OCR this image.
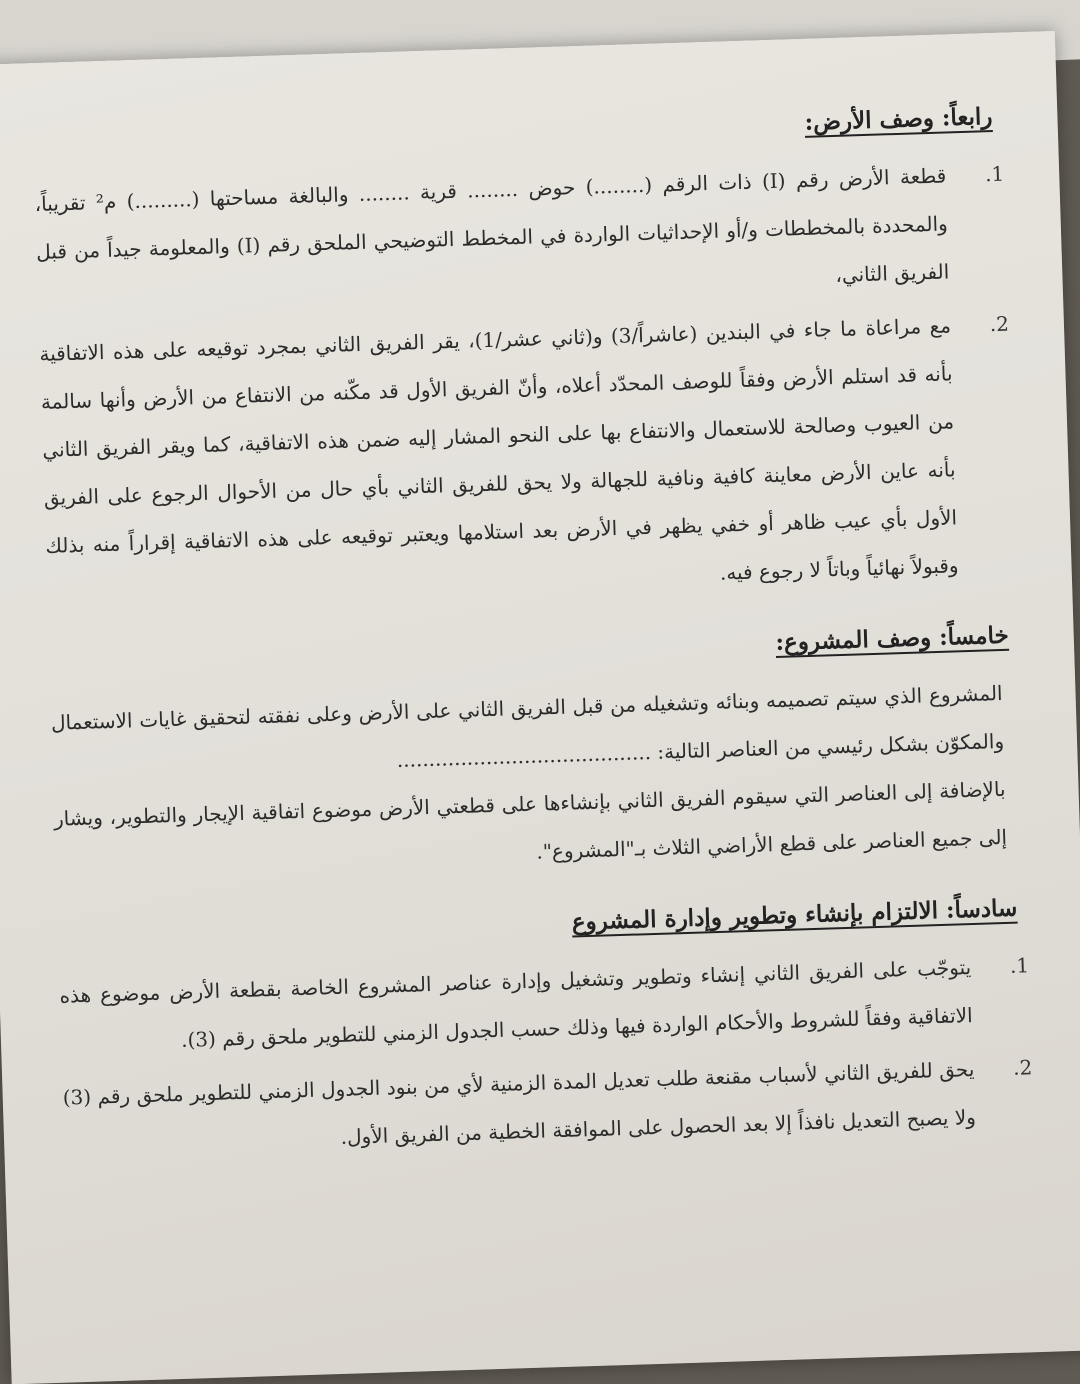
رابعاً: وصف الأرض:
.1

قطعة الأرض رقم (I) ذات الرقم (........) حوض ........ قرية ........ والبالغة مساحتها (.........) م² تقريباً، والمحددة بالمخططات و/أو الإحداثيات الواردة في المخطط التوضيحي الملحق رقم (I) والمعلومة جيداً من قبل الفريق الثاني،

.2

مع مراعاة ما جاء في البندين (عاشراً/3) و(ثاني عشر/1)، يقر الفريق الثاني بمجرد توقيعه على هذه الاتفاقية بأنه قد استلم الأرض وفقاً للوصف المحدّد أعلاه، وأنّ الفريق الأول قد مكّنه من الانتفاع من الأرض وأنها سالمة من العيوب وصالحة للاستعمال والانتفاع بها على النحو المشار إليه ضمن هذه الاتفاقية، كما ويقر الفريق الثاني بأنه عاين الأرض معاينة كافية ونافية للجهالة ولا يحق للفريق الثاني بأي حال من الأحوال الرجوع على الفريق الأول بأي عيب ظاهر أو خفي يظهر في الأرض بعد استلامها ويعتبر توقيعه على هذه الاتفاقية إقراراً منه بذلك وقبولاً نهائياً وباتاً لا رجوع فيه.

خامساً: وصف المشروع:

المشروع الذي سيتم تصميمه وبنائه وتشغيله من قبل الفريق الثاني على الأرض وعلى نفقته لتحقيق غايات الاستعمال والمكوّن بشكل رئيسي من العناصر التالية: ........................................

بالإضافة إلى العناصر التي سيقوم الفريق الثاني بإنشاءها على قطعتي الأرض موضوع اتفاقية الإيجار والتطوير، ويشار إلى جميع العناصر على قطع الأراضي الثلاث بـ"المشروع".

سادساً: الالتزام بإنشاء وتطوير وإدارة المشروع
.1

يتوجّب على الفريق الثاني إنشاء وتطوير وتشغيل وإدارة عناصر المشروع الخاصة بقطعة الأرض موضوع هذه الاتفاقية وفقاً للشروط والأحكام الواردة فيها وذلك حسب الجدول الزمني للتطوير ملحق رقم (3).

.2

يحق للفريق الثاني لأسباب مقنعة طلب تعديل المدة الزمنية لأي من بنود الجدول الزمني للتطوير ملحق رقم (3) ولا يصبح التعديل نافذاً إلا بعد الحصول على الموافقة الخطية من الفريق الأول.
